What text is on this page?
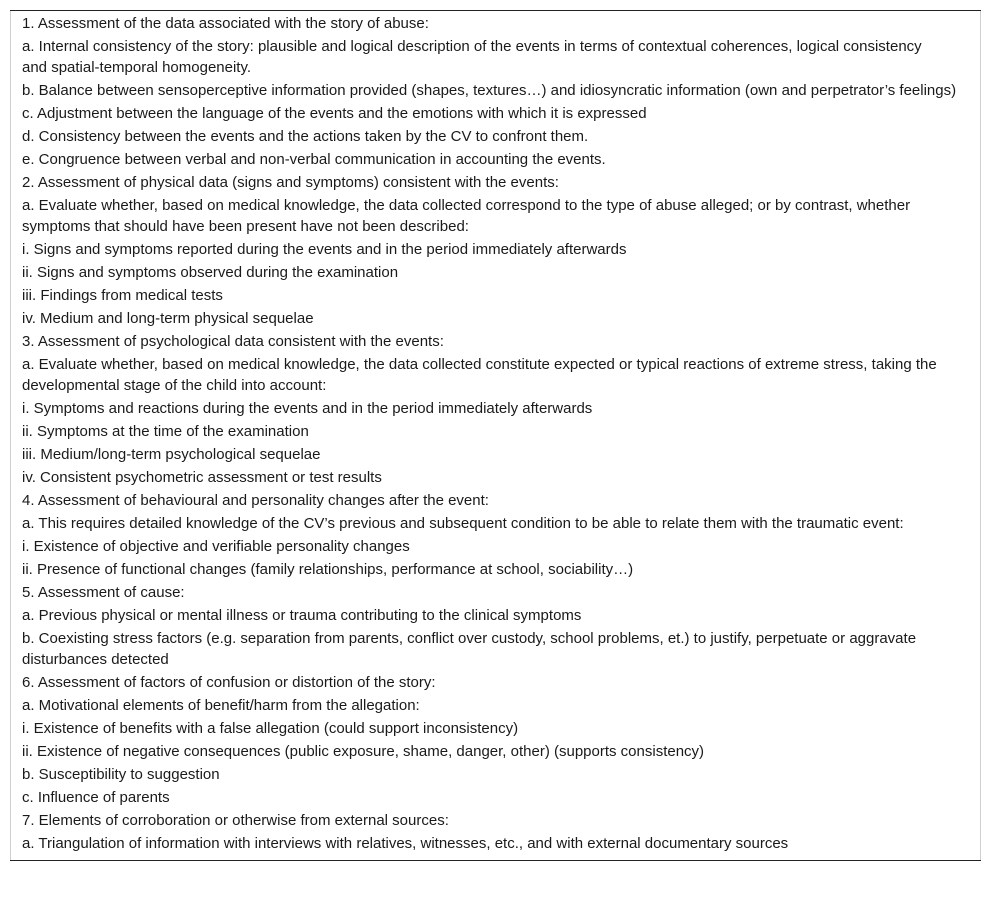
1. Assessment of the data associated with the story of abuse:
a. Internal consistency of the story: plausible and logical description of the events in terms of contextual coherences, logical consistency and spatial-temporal homogeneity.
b. Balance between sensoperceptive information provided (shapes, textures…) and idiosyncratic information (own and perpetrator’s feelings)
c. Adjustment between the language of the events and the emotions with which it is expressed
d. Consistency between the events and the actions taken by the CV to confront them.
e. Congruence between verbal and non-verbal communication in accounting the events.
2. Assessment of physical data (signs and symptoms) consistent with the events:
a. Evaluate whether, based on medical knowledge, the data collected correspond to the type of abuse alleged; or by contrast, whether symptoms that should have been present have not been described:
i. Signs and symptoms reported during the events and in the period immediately afterwards
ii. Signs and symptoms observed during the examination
iii. Findings from medical tests
iv. Medium and long-term physical sequelae
3. Assessment of psychological data consistent with the events:
a. Evaluate whether, based on medical knowledge, the data collected constitute expected or typical reactions of extreme stress, taking the developmental stage of the child into account:
i. Symptoms and reactions during the events and in the period immediately afterwards
ii. Symptoms at the time of the examination
iii. Medium/long-term psychological sequelae
iv. Consistent psychometric assessment or test results
4. Assessment of behavioural and personality changes after the event:
a. This requires detailed knowledge of the CV’s previous and subsequent condition to be able to relate them with the traumatic event:
i. Existence of objective and verifiable personality changes
ii. Presence of functional changes (family relationships, performance at school, sociability…)
5. Assessment of cause:
a. Previous physical or mental illness or trauma contributing to the clinical symptoms
b. Coexisting stress factors (e.g. separation from parents, conflict over custody, school problems, et.) to justify, perpetuate or aggravate disturbances detected
6. Assessment of factors of confusion or distortion of the story:
a. Motivational elements of benefit/harm from the allegation:
i. Existence of benefits with a false allegation (could support inconsistency)
ii. Existence of negative consequences (public exposure, shame, danger, other) (supports consistency)
b. Susceptibility to suggestion
c. Influence of parents
7. Elements of corroboration or otherwise from external sources:
a. Triangulation of information with interviews with relatives, witnesses, etc., and with external documentary sources
